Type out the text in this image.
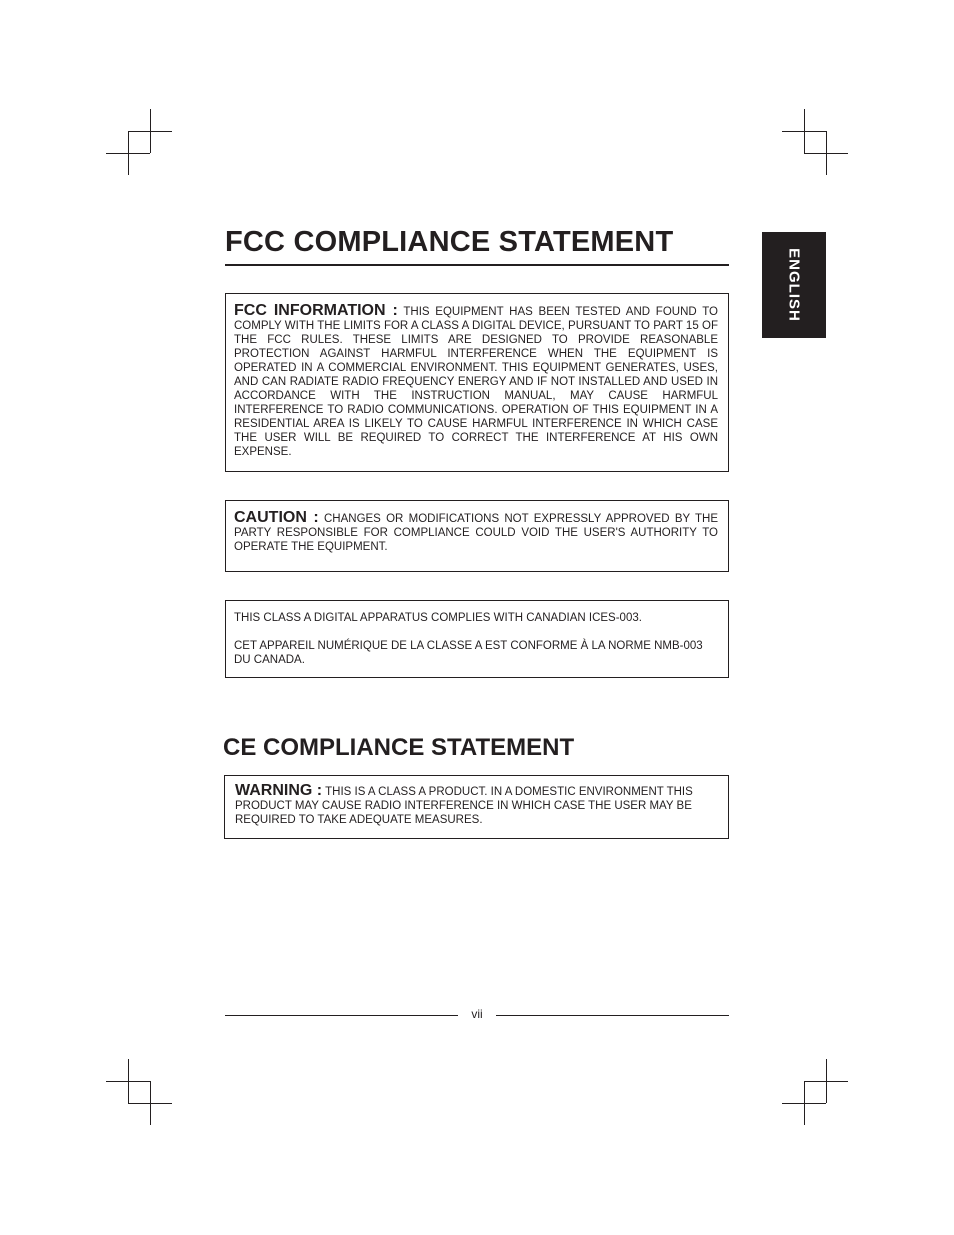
ENGLISH
FCC COMPLIANCE STATEMENT
FCC INFORMATION : THIS EQUIPMENT HAS BEEN TESTED AND FOUND TO COMPLY WITH THE LIMITS FOR A CLASS A DIGITAL DEVICE, PURSUANT TO PART 15 OF THE FCC RULES. THESE LIMITS ARE DESIGNED TO PROVIDE REASONABLE PROTECTION AGAINST HARMFUL INTERFERENCE WHEN THE EQUIPMENT IS OPERATED IN A COMMERCIAL ENVIRONMENT. THIS EQUIPMENT GENERATES, USES, AND CAN RADIATE RADIO FREQUENCY ENERGY AND IF NOT INSTALLED AND USED IN ACCORDANCE WITH THE INSTRUCTION MANUAL, MAY CAUSE HARMFUL INTERFERENCE TO RADIO COMMUNICATIONS. OPERATION OF THIS EQUIPMENT IN A RESIDENTIAL AREA IS LIKELY TO CAUSE HARMFUL INTERFERENCE IN WHICH CASE THE USER WILL BE REQUIRED TO CORRECT THE INTERFERENCE AT HIS OWN EXPENSE.
CAUTION : CHANGES OR MODIFICATIONS NOT EXPRESSLY APPROVED BY THE PARTY RESPONSIBLE FOR COMPLIANCE COULD VOID THE USER'S AUTHORITY TO OPERATE THE EQUIPMENT.

THIS CLASS A DIGITAL APPARATUS COMPLIES WITH CANADIAN ICES-003.

CET APPAREIL NUMÉRIQUE DE LA CLASSE A EST CONFORME À LA NORME NMB-003 DU CANADA.

CE COMPLIANCE STATEMENT
WARNING : THIS IS A CLASS A PRODUCT. IN A DOMESTIC ENVIRONMENT THIS PRODUCT MAY CAUSE RADIO INTERFERENCE IN WHICH CASE THE USER MAY BE REQUIRED TO TAKE ADEQUATE MEASURES.
vii
